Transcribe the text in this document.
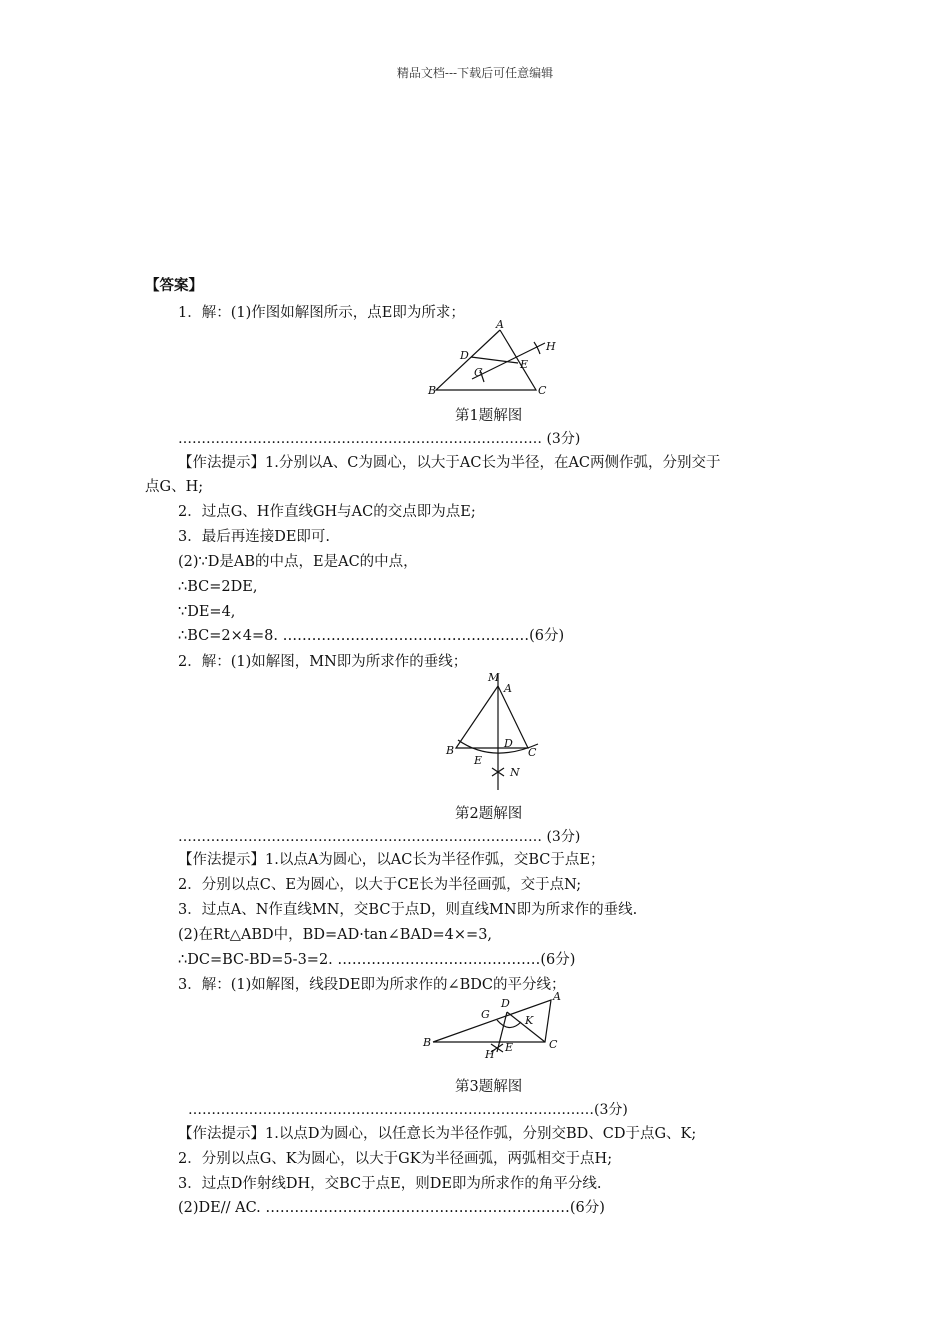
精品文档---下载后可任意编辑
【答案】
1．解：(1)作图如解图所示，点E即为所求；
A
B	C
D
E
G
H
第1题解图
…………………………………………………………………… (3分)
【作法提示】1.分别以A、C为圆心，以大于AC长为半径，在AC两侧作弧，分别交于
点G、H;
2．过点G、H作直线GH与AC的交点即为点E;
3．最后再连接DE即可.
(2)∵D是AB的中点，E是AC的中点，
∴BC=2DE,
∵DE=4,
∴BC=2×4=8. ……………………………………………(6分)
2．解：(1)如解图，MN即为所求作的垂线；
M
A
B	C
D
E
N
第2题解图
…………………………………………………………………… (3分)
【作法提示】1.以点A为圆心，以AC长为半径作弧，交BC于点E；
2．分别以点C、E为圆心，以大于CE长为半径画弧，交于点N;
3．过点A、N作直线MN，交BC于点D，则直线MN即为所求作的垂线.
(2)在Rt△ABD中，BD=AD·tan∠BAD=4×=3,
∴DC=BC-BD=5-3=2. ……………………………………(6分)
3．解：(1)如解图，线段DE即为所求作的∠BDC的平分线；
B
A
C
D
E
G	K
H
第3题解图
……………………………………………………………………………(3分)
【作法提示】1.以点D为圆心，以任意长为半径作弧，分别交BD、CD于点G、K;
2．分别以点G、K为圆心，以大于GK为半径画弧，两弧相交于点H;
3．过点D作射线DH，交BC于点E，则DE即为所求作的角平分线.
(2)DE// AC. ………………………………………………………(6分)
